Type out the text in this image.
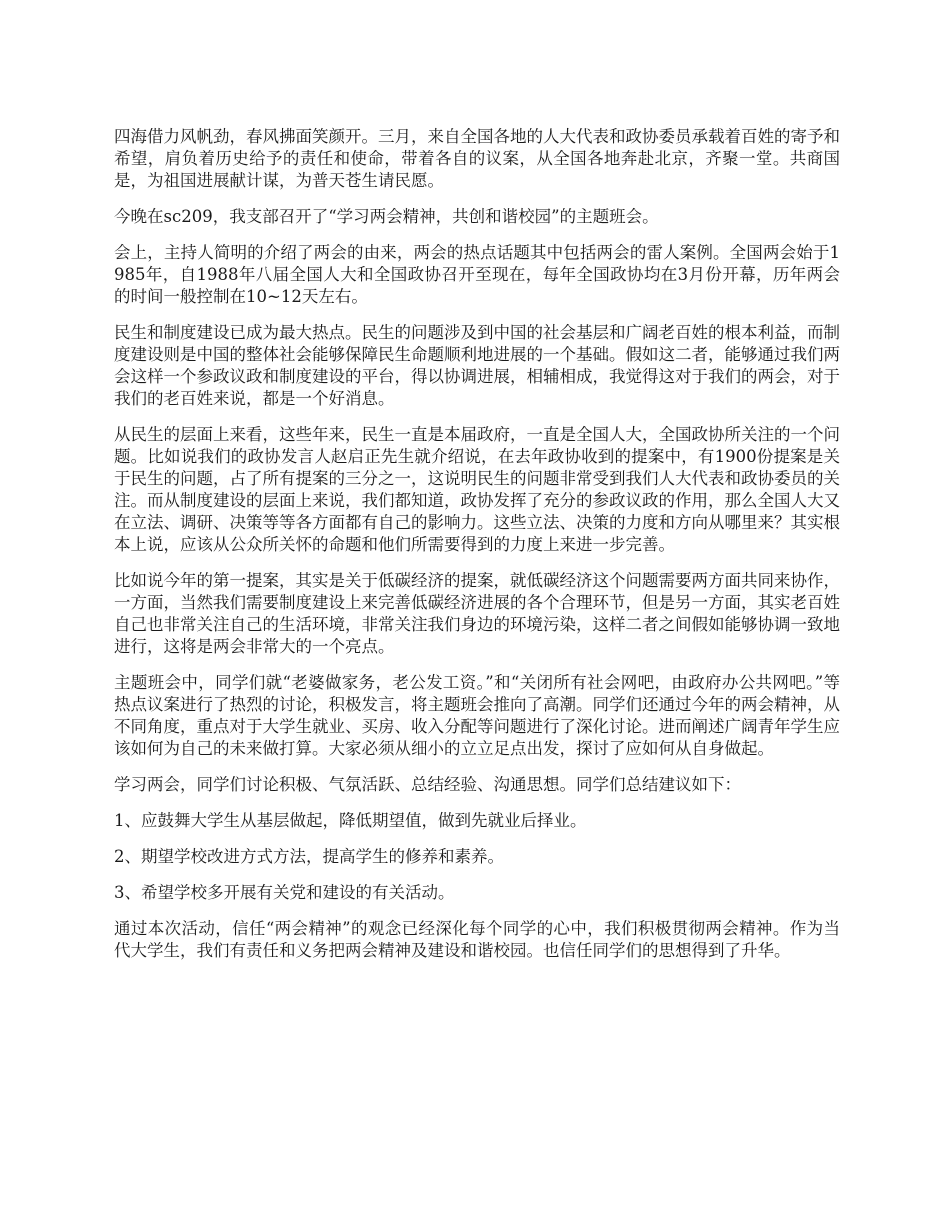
四海借力风帆劲，春风拂面笑颜开。三月，来自全国各地的人大代表和政协委员承载着百姓的寄予和希望，肩负着历史给予的责任和使命，带着各自的议案，从全国各地奔赴北京，齐聚一堂。共商国是，为祖国进展献计谋，为普天苍生请民愿。

今晚在sc209，我支部召开了“学习两会精神，共创和谐校园”的主题班会。

会上，主持人简明的介绍了两会的由来，两会的热点话题其中包括两会的雷人案例。全国两会始于1985年，自1988年八届全国人大和全国政协召开至现在，每年全国政协均在3月份开幕，历年两会的时间一般控制在10~12天左右。

民生和制度建设已成为最大热点。民生的问题涉及到中国的社会基层和广阔老百姓的根本利益，而制度建设则是中国的整体社会能够保障民生命题顺利地进展的一个基础。假如这二者，能够通过我们两会这样一个参政议政和制度建设的平台，得以协调进展，相辅相成，我觉得这对于我们的两会，对于我们的老百姓来说，都是一个好消息。

从民生的层面上来看，这些年来，民生一直是本届政府，一直是全国人大，全国政协所关注的一个问题。比如说我们的政协发言人赵启正先生就介绍说，在去年政协收到的提案中，有1900份提案是关于民生的问题，占了所有提案的三分之一，这说明民生的问题非常受到我们人大代表和政协委员的关注。而从制度建设的层面上来说，我们都知道，政协发挥了充分的参政议政的作用，那么全国人大又在立法、调研、决策等等各方面都有自己的影响力。这些立法、决策的力度和方向从哪里来？其实根本上说，应该从公众所关怀的命题和他们所需要得到的力度上来进一步完善。

比如说今年的第一提案，其实是关于低碳经济的提案，就低碳经济这个问题需要两方面共同来协作，一方面，当然我们需要制度建设上来完善低碳经济进展的各个合理环节，但是另一方面，其实老百姓自己也非常关注自己的生活环境，非常关注我们身边的环境污染，这样二者之间假如能够协调一致地进行，这将是两会非常大的一个亮点。

主题班会中，同学们就“老婆做家务，老公发工资。”和“关闭所有社会网吧，由政府办公共网吧。”等热点议案进行了热烈的讨论，积极发言，将主题班会推向了高潮。同学们还通过今年的两会精神，从不同角度，重点对于大学生就业、买房、收入分配等问题进行了深化讨论。进而阐述广阔青年学生应该如何为自己的未来做打算。大家必须从细小的立立足点出发，探讨了应如何从自身做起。

学习两会，同学们讨论积极、气氛活跃、总结经验、沟通思想。同学们总结建议如下：

1、应鼓舞大学生从基层做起，降低期望值，做到先就业后择业。

2、期望学校改进方式方法，提高学生的修养和素养。

3、希望学校多开展有关党和建设的有关活动。

通过本次活动，信任“两会精神”的观念已经深化每个同学的心中，我们积极贯彻两会精神。作为当代大学生，我们有责任和义务把两会精神及建设和谐校园。也信任同学们的思想得到了升华。
